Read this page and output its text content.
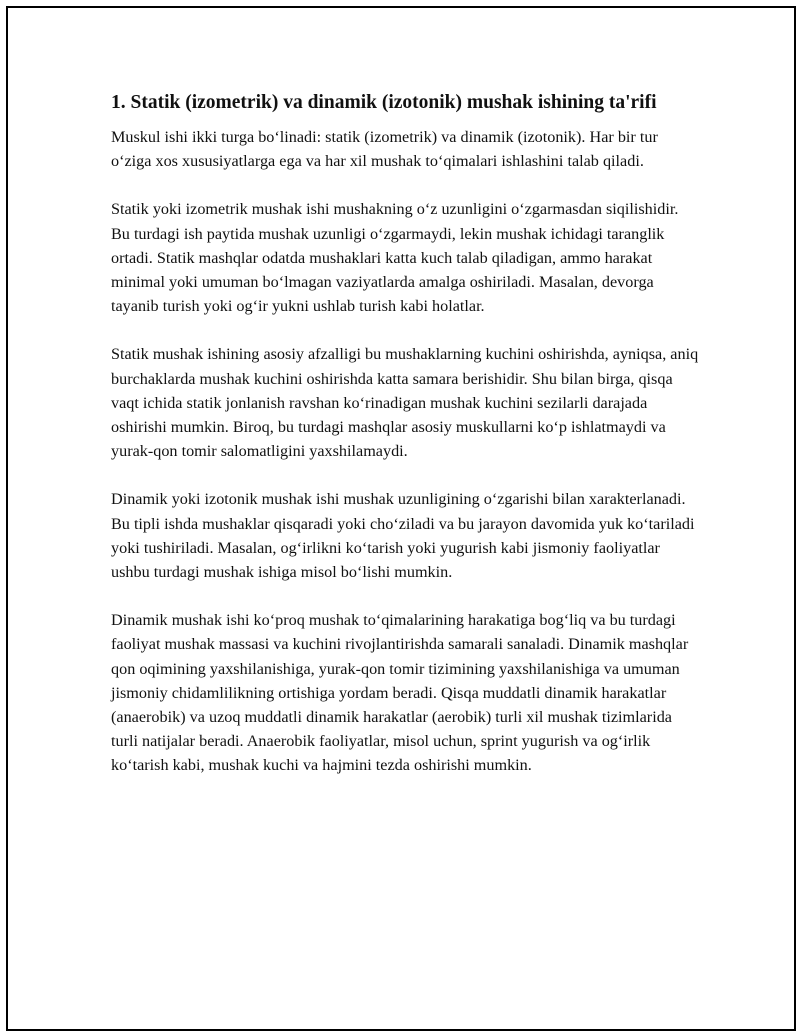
1. Statik (izometrik) va dinamik (izotonik) mushak ishining ta'rifi

Muskul ishi ikki turga bo‘linadi: statik (izometrik) va dinamik (izotonik). Har bir tur o‘ziga xos xususiyatlarga ega va har xil mushak to‘qimalari ishlashini talab qiladi.

Statik yoki izometrik mushak ishi mushakning o‘z uzunligini o‘zgarmasdan siqilishidir. Bu turdagi ish paytida mushak uzunligi o‘zgarmaydi, lekin mushak ichidagi taranglik ortadi. Statik mashqlar odatda mushaklari katta kuch talab qiladigan, ammo harakat minimal yoki umuman bo‘lmagan vaziyatlarda amalga oshiriladi. Masalan, devorga tayanib turish yoki og‘ir yukni ushlab turish kabi holatlar.

Statik mushak ishining asosiy afzalligi bu mushaklarning kuchini oshirishda, ayniqsa, aniq burchaklarda mushak kuchini oshirishda katta samara berishidir. Shu bilan birga, qisqa vaqt ichida statik jonlanish ravshan ko‘rinadigan mushak kuchini sezilarli darajada oshirishi mumkin. Biroq, bu turdagi mashqlar asosiy muskullarni ko‘p ishlatmaydi va yurak-qon tomir salomatligini yaxshilamaydi.

Dinamik yoki izotonik mushak ishi mushak uzunligining o‘zgarishi bilan xarakterlanadi. Bu tipli ishda mushaklar qisqaradi yoki cho‘ziladi va bu jarayon davomida yuk ko‘tariladi yoki tushiriladi. Masalan, og‘irlikni ko‘tarish yoki yugurish kabi jismoniy faoliyatlar ushbu turdagi mushak ishiga misol bo‘lishi mumkin.

Dinamik mushak ishi ko‘proq mushak to‘qimalarining harakatiga bog‘liq va bu turdagi faoliyat mushak massasi va kuchini rivojlantirishda samarali sanaladi. Dinamik mashqlar qon oqimining yaxshilanishiga, yurak-qon tomir tizimining yaxshilanishiga va umuman jismoniy chidamlilikning ortishiga yordam beradi. Qisqa muddatli dinamik harakatlar (anaerobik) va uzoq muddatli dinamik harakatlar (aerobik) turli xil mushak tizimlarida turli natijalar beradi. Anaerobik faoliyatlar, misol uchun, sprint yugurish va og‘irlik ko‘tarish kabi, mushak kuchi va hajmini tezda oshirishi mumkin.
